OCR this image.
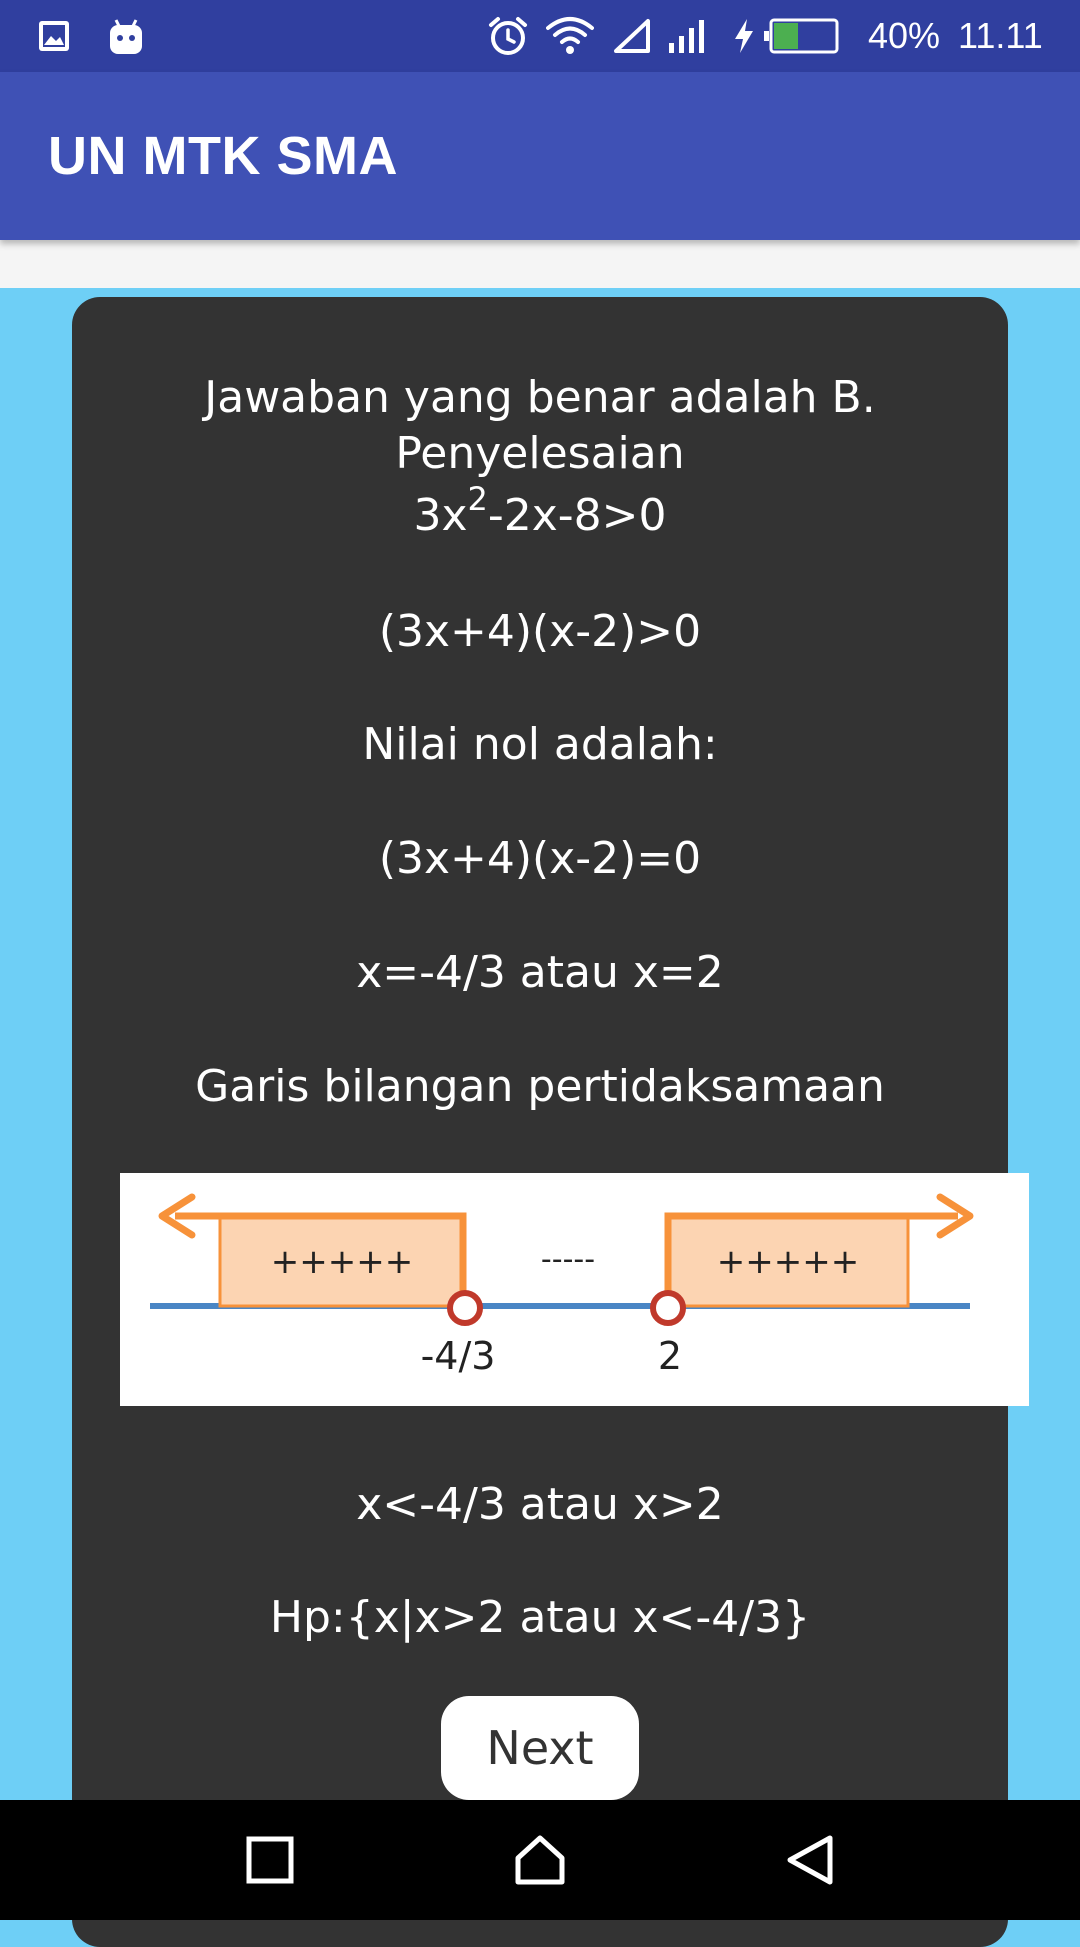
40% 11.11
UN MTK SMA
Jawaban yang benar adalah B.
Penyelesaian
$3x^2-2x-8>0$
(3x+4)(x-2)>0
Nilai nol adalah:
(3x+4)(x-2)=0
x=-4/3 atau x=2
Garis bilangan pertidaksamaan
+++++	-----	+++++
-4/3	2
x<-4/3 atau x>2
Hp:{x|x>2 atau x<-4/3}
Next
